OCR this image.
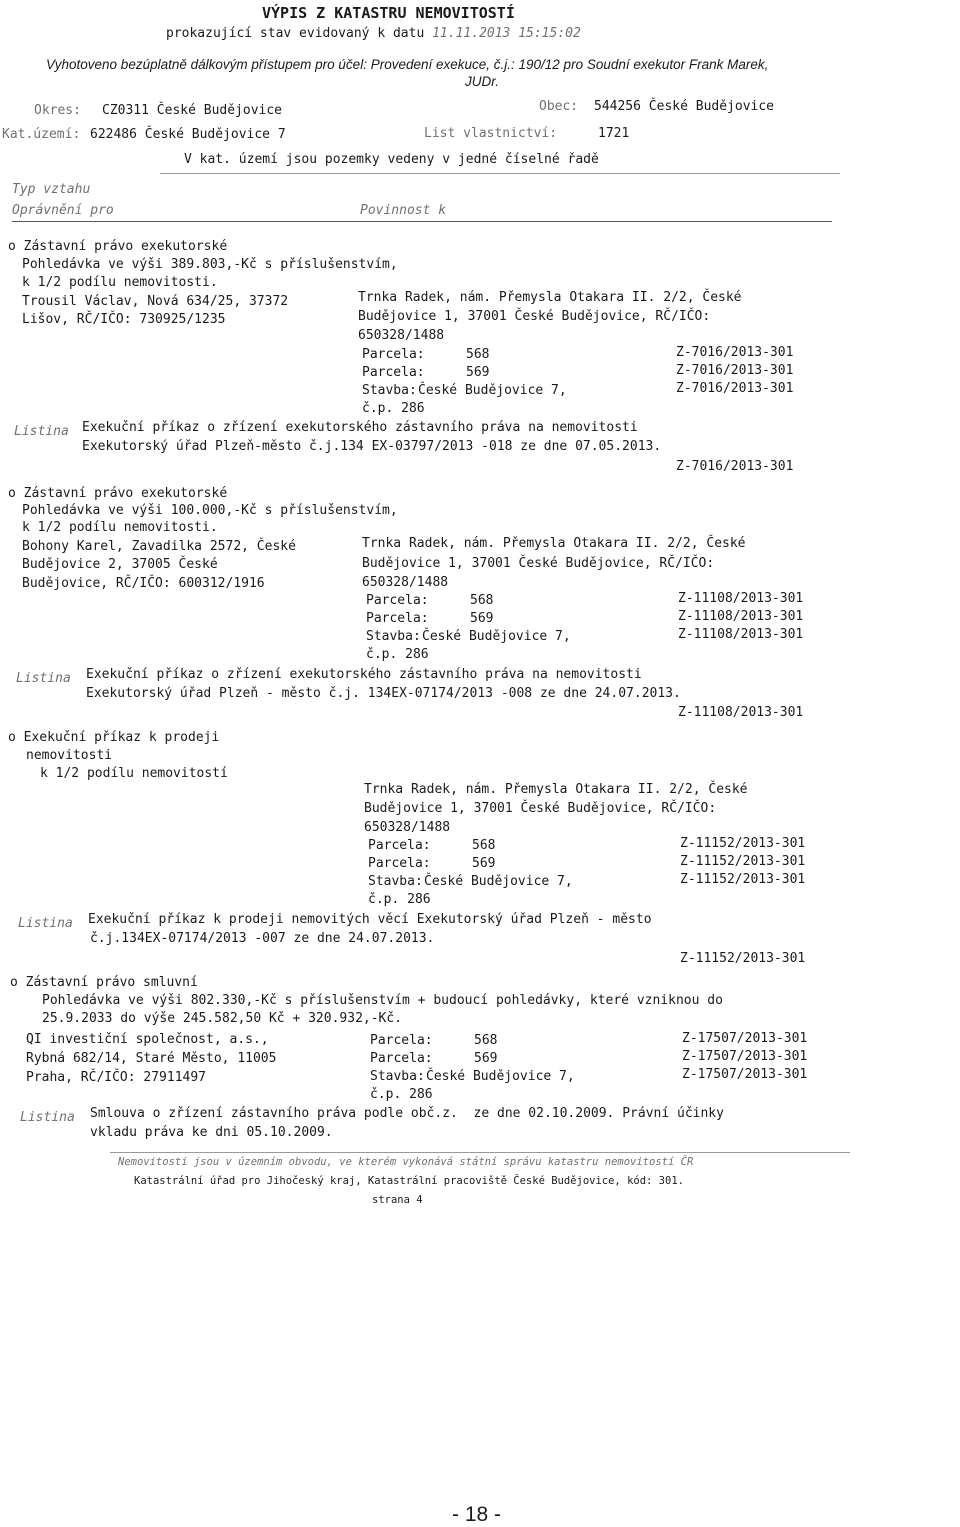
VÝPIS Z KATASTRU NEMOVITOSTÍ
prokazující stav evidovaný k datu 11.11.2013 15:15:02
Vyhotoveno bezúplatně dálkovým přístupem pro účel: Provedení exekuce, č.j.: 190/12 pro Soudní exekutor Frank Marek,
JUDr.
Okres: CZ0311 České Budějovice	Obec: 544256 České Budějovice
Kat.území: 622486 České Budějovice 7	List vlastnictví:	1721
V kat. území jsou pozemky vedeny v jedné číselné řadě
Typ vztahu
Oprávnění pro	Povinnost k
o Zástavní právo exekutorské
Pohledávka ve výši 389.803,-Kč s příslušenstvím,
k 1/2 podílu nemovitosti.
Trousil Václav, Nová 634/25, 37372
Lišov, RČ/IČO: 730925/1235
Trnka Radek, nám. Přemysla Otakara II. 2/2, České
Budějovice 1, 37001 České Budějovice, RČ/IČO:
650328/1488
Parcela:	568	Z-7016/2013-301
Parcela:	569	Z-7016/2013-301
Stavba: České Budějovice 7,	Z-7016/2013-301
č.p. 286
Listina Exekuční příkaz o zřízení exekutorského zástavního práva na nemovitosti
Exekutorský úřad Plzeň-město č.j.134 EX-03797/2013 -018 ze dne 07.05.2013.
Z-7016/2013-301
o Zástavní právo exekutorské
Pohledávka ve výši 100.000,-Kč s příslušenstvím,
k 1/2 podílu nemovitosti.
Bohony Karel, Zavadilka 2572, České
Budějovice 2, 37005 České
Budějovice, RČ/IČO: 600312/1916
Trnka Radek, nám. Přemysla Otakara II. 2/2, České
Budějovice 1, 37001 České Budějovice, RČ/IČO:
650328/1488
Parcela:	568	Z-11108/2013-301
Parcela:	569	Z-11108/2013-301
Stavba: České Budějovice 7,	Z-11108/2013-301
č.p. 286
Listina Exekuční příkaz o zřízení exekutorského zástavního práva na nemovitosti
Exekutorský úřad Plzeň - město č.j. 134EX-07174/2013 -008 ze dne 24.07.2013.
Z-11108/2013-301
o Exekuční příkaz k prodeji
nemovitosti
k 1/2 podílu nemovitostí
Trnka Radek, nám. Přemysla Otakara II. 2/2, České
Budějovice 1, 37001 České Budějovice, RČ/IČO:
650328/1488
Parcela:	568	Z-11152/2013-301
Parcela:	569	Z-11152/2013-301
Stavba: České Budějovice 7,	Z-11152/2013-301
č.p. 286
Listina Exekuční příkaz k prodeji nemovitých věcí Exekutorský úřad Plzeň - město
č.j.134EX-07174/2013 -007 ze dne 24.07.2013.
Z-11152/2013-301
o Zástavní právo smluvní
Pohledávka ve výši 802.330,-Kč s příslušenstvím + budoucí pohledávky, které vzniknou do
25.9.2033 do výše 245.582,50 Kč + 320.932,-Kč.
QI investiční společnost, a.s.,
Rybná 682/14, Staré Město, 11005
Praha, RČ/IČO: 27911497
Parcela:	568	Z-17507/2013-301
Parcela:	569	Z-17507/2013-301
Stavba: České Budějovice 7,	Z-17507/2013-301
č.p. 286
Listina Smlouva o zřízení zástavního práva podle obč.z.  ze dne 02.10.2009. Právní účinky
vkladu práva ke dni 05.10.2009.
Nemovitosti jsou v územním obvodu, ve kterém vykonává státní správu katastru nemovitostí ČR
Katastrální úřad pro Jihočeský kraj, Katastrální pracoviště České Budějovice, kód: 301.
strana 4
- 18 -
